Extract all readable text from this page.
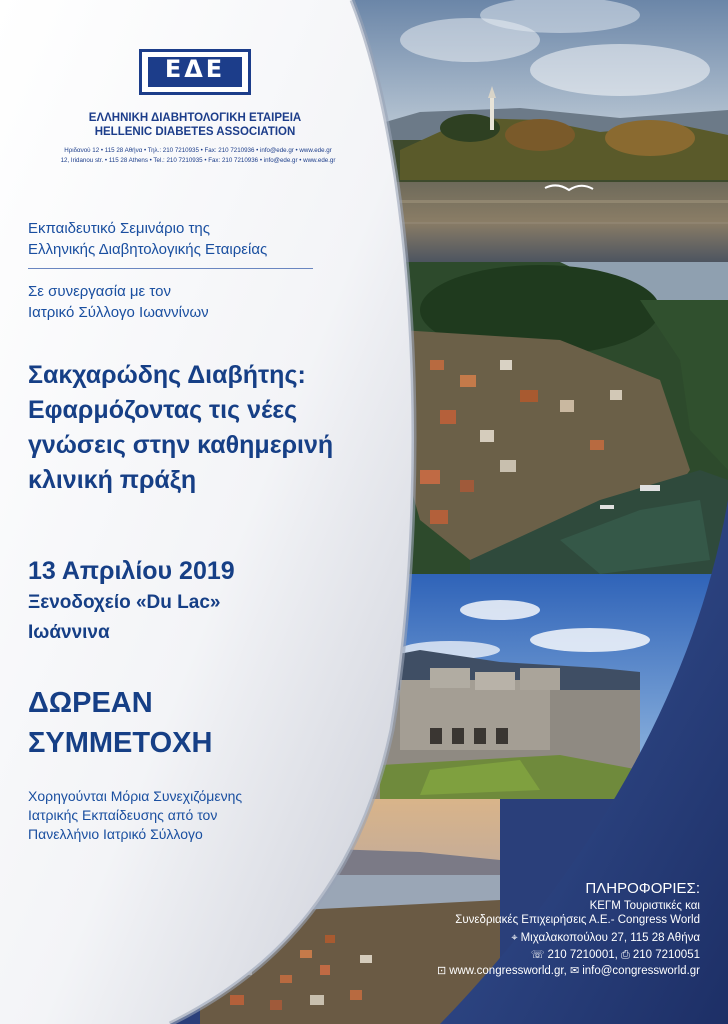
ΕΔΕ
ΕΛΛΗΝΙΚΗ ΔΙΑΒΗΤΟΛΟΓΙΚΗ ΕΤΑΙΡΕΙΑ
HELLENIC DIABETES ASSOCIATION
Ηριδανού 12 • 115 28 Αθήνα • Τηλ.: 210 7210935 • Fax: 210 7210936 • info@ede.gr • www.ede.gr
12, Iridanou str. • 115 28 Athens • Tel.: 210 7210935 • Fax: 210 7210936 • info@ede.gr • www.ede.gr
Εκπαιδευτικό Σεμινάριο της
Ελληνικής Διαβητολογικής Εταιρείας
Σε συνεργασία με τον
Ιατρικό Σύλλογο Ιωαννίνων
Σακχαρώδης Διαβήτης:
Εφαρμόζοντας τις νέες
γνώσεις στην καθημερινή
κλινική πράξη
13 Απριλίου 2019
Ξενοδοχείο «Du Lac»
Ιωάννινα
ΔΩΡΕΑΝ
ΣΥΜΜΕΤΟΧΗ
Χορηγούνται Μόρια Συνεχιζόμενης
Ιατρικής Εκπαίδευσης από τον
Πανελλήνιο Ιατρικό Σύλλογο
ΠΛΗΡΟΦΟΡΙΕΣ:
ΚΕΓΜ Τουριστικές και
Συνεδριακές Επιχειρήσεις Α.Ε.- Congress World
⌖ Μιχαλακοπούλου 27, 115 28 Αθήνα
☏ 210 7210001, ⎙ 210 7210051
⊡ www.congressworld.gr, ✉ info@congressworld.gr
